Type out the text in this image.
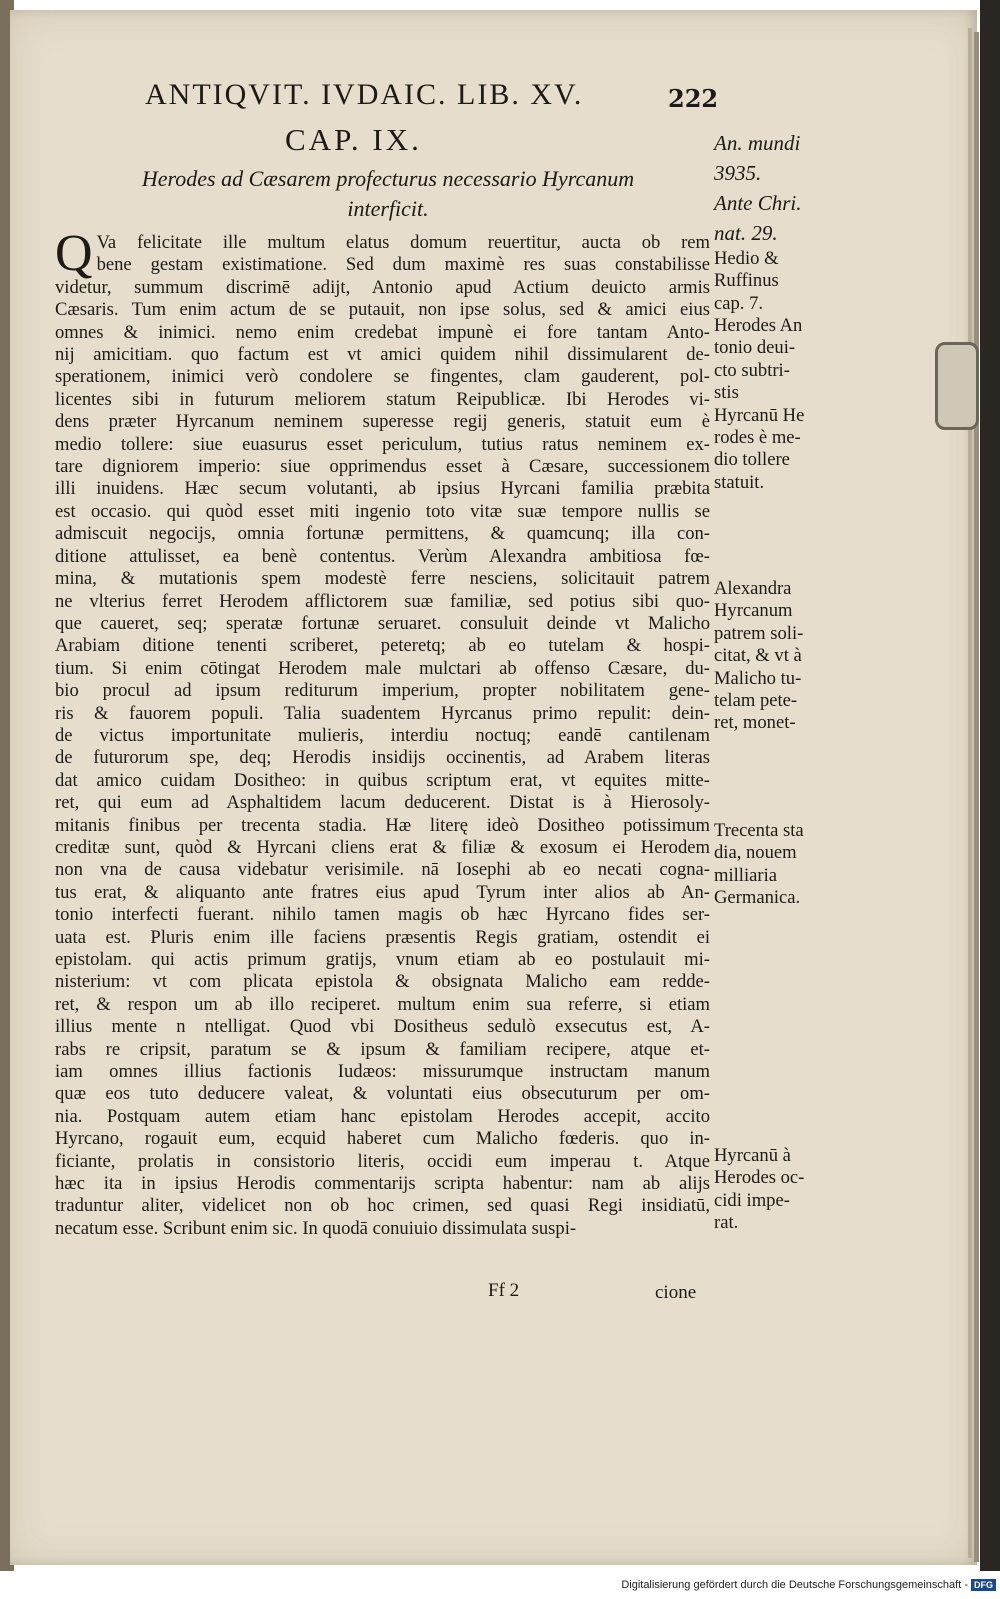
ANTIQVIT. IVDAIC. LIB. XV.	222
CAP. IX.
Herodes ad Cæsarem profecturus necessario Hyrcanum interficit.
Q Va felicitate ille multum elatus domum reuertitur, aucta ob rem
bene gestam existimatione. Sed dum maximè res suas constabilisse
videtur, summum discrimē adijt, Antonio apud Actium deuicto armis
Cæsaris. Tum enim actum de se putauit, non ipse solus, sed & amici eius
omnes & inimici. nemo enim credebat impunè ei fore tantam Anto-
nij amicitiam. quo factum est vt amici quidem nihil dissimularent de-
sperationem, inimici verò condolere se fingentes, clam gauderent, pol-
licentes sibi in futurum meliorem statum Reipublicæ. Ibi Herodes vi-
dens præter Hyrcanum neminem superesse regij generis, statuit eum è
medio tollere: siue euasurus esset periculum, tutius ratus neminem ex-
tare digniorem imperio: siue opprimendus esset à Cæsare, successionem
illi inuidens. Hæc secum volutanti, ab ipsius Hyrcani familia præbita
est occasio. qui quòd esset miti ingenio toto vitæ suæ tempore nullis se
admiscuit negocijs, omnia fortunæ permittens, & quamcunq; illa con-
ditione attulisset, ea benè contentus. Verùm Alexandra ambitiosa fœ-
mina, & mutationis spem modestè ferre nesciens, solicitauit patrem
ne vlterius ferret Herodem afflictorem suæ familiæ, sed potius sibi quo-
que caueret, seq; speratæ fortunæ seruaret. consuluit deinde vt Malicho
Arabiam ditione tenenti scriberet, peteretq; ab eo tutelam & hospi-
tium. Si enim cōtingat Herodem male mulctari ab offenso Cæsare, du-
bio procul ad ipsum rediturum imperium, propter nobilitatem gene-
ris & fauorem populi. Talia suadentem Hyrcanus primo repulit: dein-
de victus importunitate mulieris, interdiu noctuq; eandē cantilenam
de futurorum spe, deq; Herodis insidijs occinentis, ad Arabem literas
dat amico cuidam Dositheo: in quibus scriptum erat, vt equites mitte-
ret, qui eum ad Asphaltidem lacum deducerent. Distat is à Hierosoly-
mitanis finibus per trecenta stadia. Hæ literę ideò Dositheo potissimum
creditæ sunt, quòd & Hyrcani cliens erat & filiæ & exosum ei Herodem
non vna de causa videbatur verisimile. nā Iosephi ab eo necati cogna-
tus erat, & aliquanto ante fratres eius apud Tyrum inter alios ab An-
tonio interfecti fuerant. nihilo tamen magis ob hæc Hyrcano fides ser-
uata est. Pluris enim ille faciens præsentis Regis gratiam, ostendit ei
epistolam. qui actis primum gratijs, vnum etiam ab eo postulauit mi-
nisterium: vt com plicata epistola & obsignata Malicho eam redde-
ret, & respon um ab illo reciperet. multum enim sua referre, si etiam
illius mente n ntelligat. Quod vbi Dositheus sedulò exsecutus est, A-
rabs re cripsit, paratum se & ipsum & familiam recipere, atque et-
iam omnes illius factionis Iudæos: missurumque instructam manum
quæ eos tuto deducere valeat, & voluntati eius obsecuturum per om-
nia. Postquam autem etiam hanc epistolam Herodes accepit, accito
Hyrcano, rogauit eum, ecquid haberet cum Malicho fœderis. quo in-
ficiante, prolatis in consistorio literis, occidi eum imperau t. Atque
hæc ita in ipsius Herodis commentarijs scripta habentur: nam ab alijs
traduntur aliter, videlicet non ob hoc crimen, sed quasi Regi insidiatū,
necatum esse. Scribunt enim sic. In quodā conuiuio dissimulata suspi-
An. mundi
3935.
Ante Chri.
nat. 29.
Hedio &
Ruffinus
cap. 7.
Herodes An
tonio deui-
cto subtri-
stis
Hyrcanū He
rodes è me-
dio tollere
statuit.
Alexandra
Hyrcanum
patrem soli-
citat, & vt à
Malicho tu-
telam pete-
ret, monet-
Trecenta sta
dia, nouem
milliaria
Germanica.
Hyrcanū à
Herodes oc-
cidi impe-
rat.
Ff 2	cione
Digitalisierung gefördert durch die Deutsche Forschungsgemeinschaft - DFG
